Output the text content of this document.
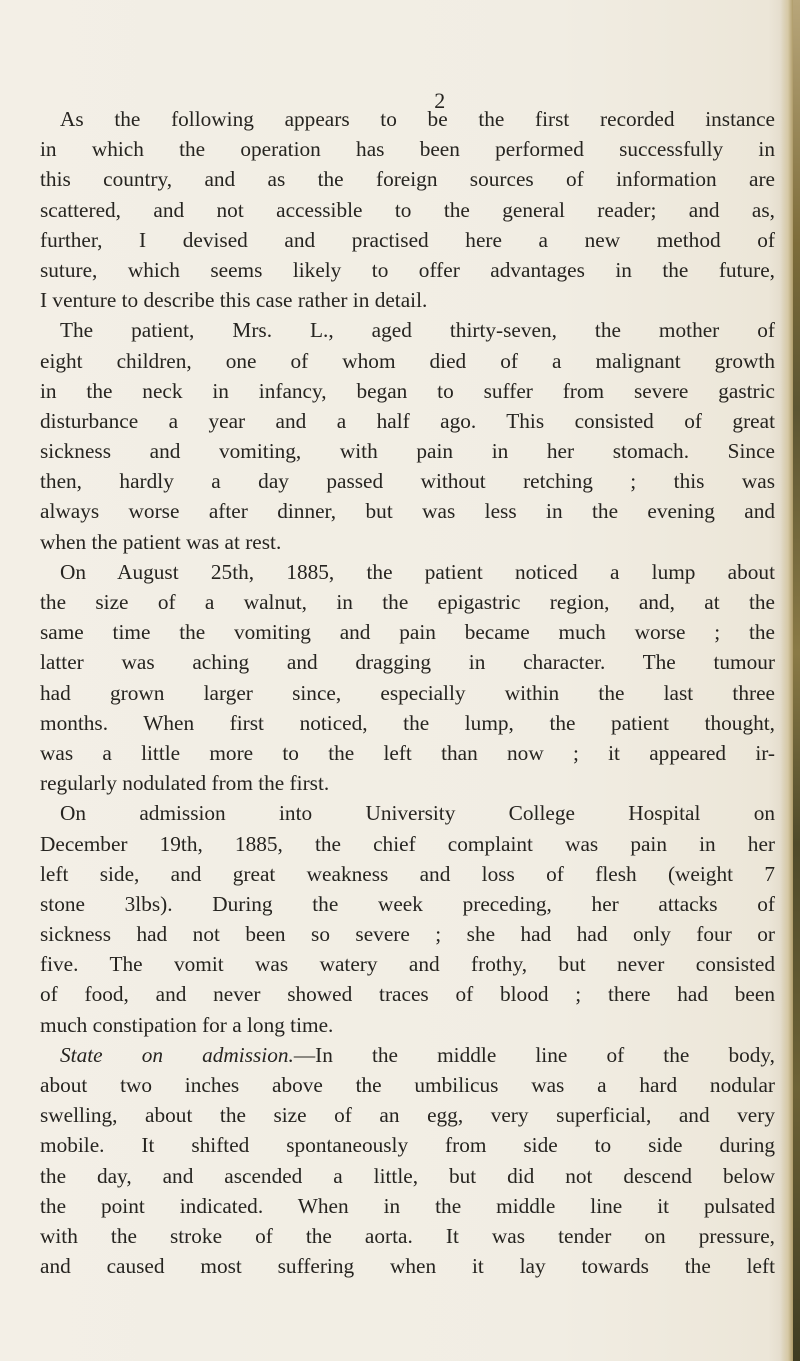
2
As the following appears to be the first recorded instance
in which the operation has been performed successfully in
this country, and as the foreign sources of information are
scattered, and not accessible to the general reader; and as,
further, I devised and practised here a new method of
suture, which seems likely to offer advantages in the future,
I venture to describe this case rather in detail.
The patient, Mrs. L., aged thirty-seven, the mother of
eight children, one of whom died of a malignant growth
in the neck in infancy, began to suffer from severe gastric
disturbance a year and a half ago. This consisted of great
sickness and vomiting, with pain in her stomach. Since
then, hardly a day passed without retching ; this was
always worse after dinner, but was less in the evening and
when the patient was at rest.
On August 25th, 1885, the patient noticed a lump about
the size of a walnut, in the epigastric region, and, at the
same time the vomiting and pain became much worse ; the
latter was aching and dragging in character. The tumour
had grown larger since, especially within the last three
months. When first noticed, the lump, the patient thought,
was a little more to the left than now ; it appeared ir-
regularly nodulated from the first.
On admission into University College Hospital on
December 19th, 1885, the chief complaint was pain in her
left side, and great weakness and loss of flesh (weight 7
stone 3lbs). During the week preceding, her attacks of
sickness had not been so severe ; she had had only four or
five. The vomit was watery and frothy, but never consisted
of food, and never showed traces of blood ; there had been
much constipation for a long time.
State on admission.—In the middle line of the body,
about two inches above the umbilicus was a hard nodular
swelling, about the size of an egg, very superficial, and very
mobile. It shifted spontaneously from side to side during
the day, and ascended a little, but did not descend below
the point indicated. When in the middle line it pulsated
with the stroke of the aorta. It was tender on pressure,
and caused most suffering when it lay towards the left
